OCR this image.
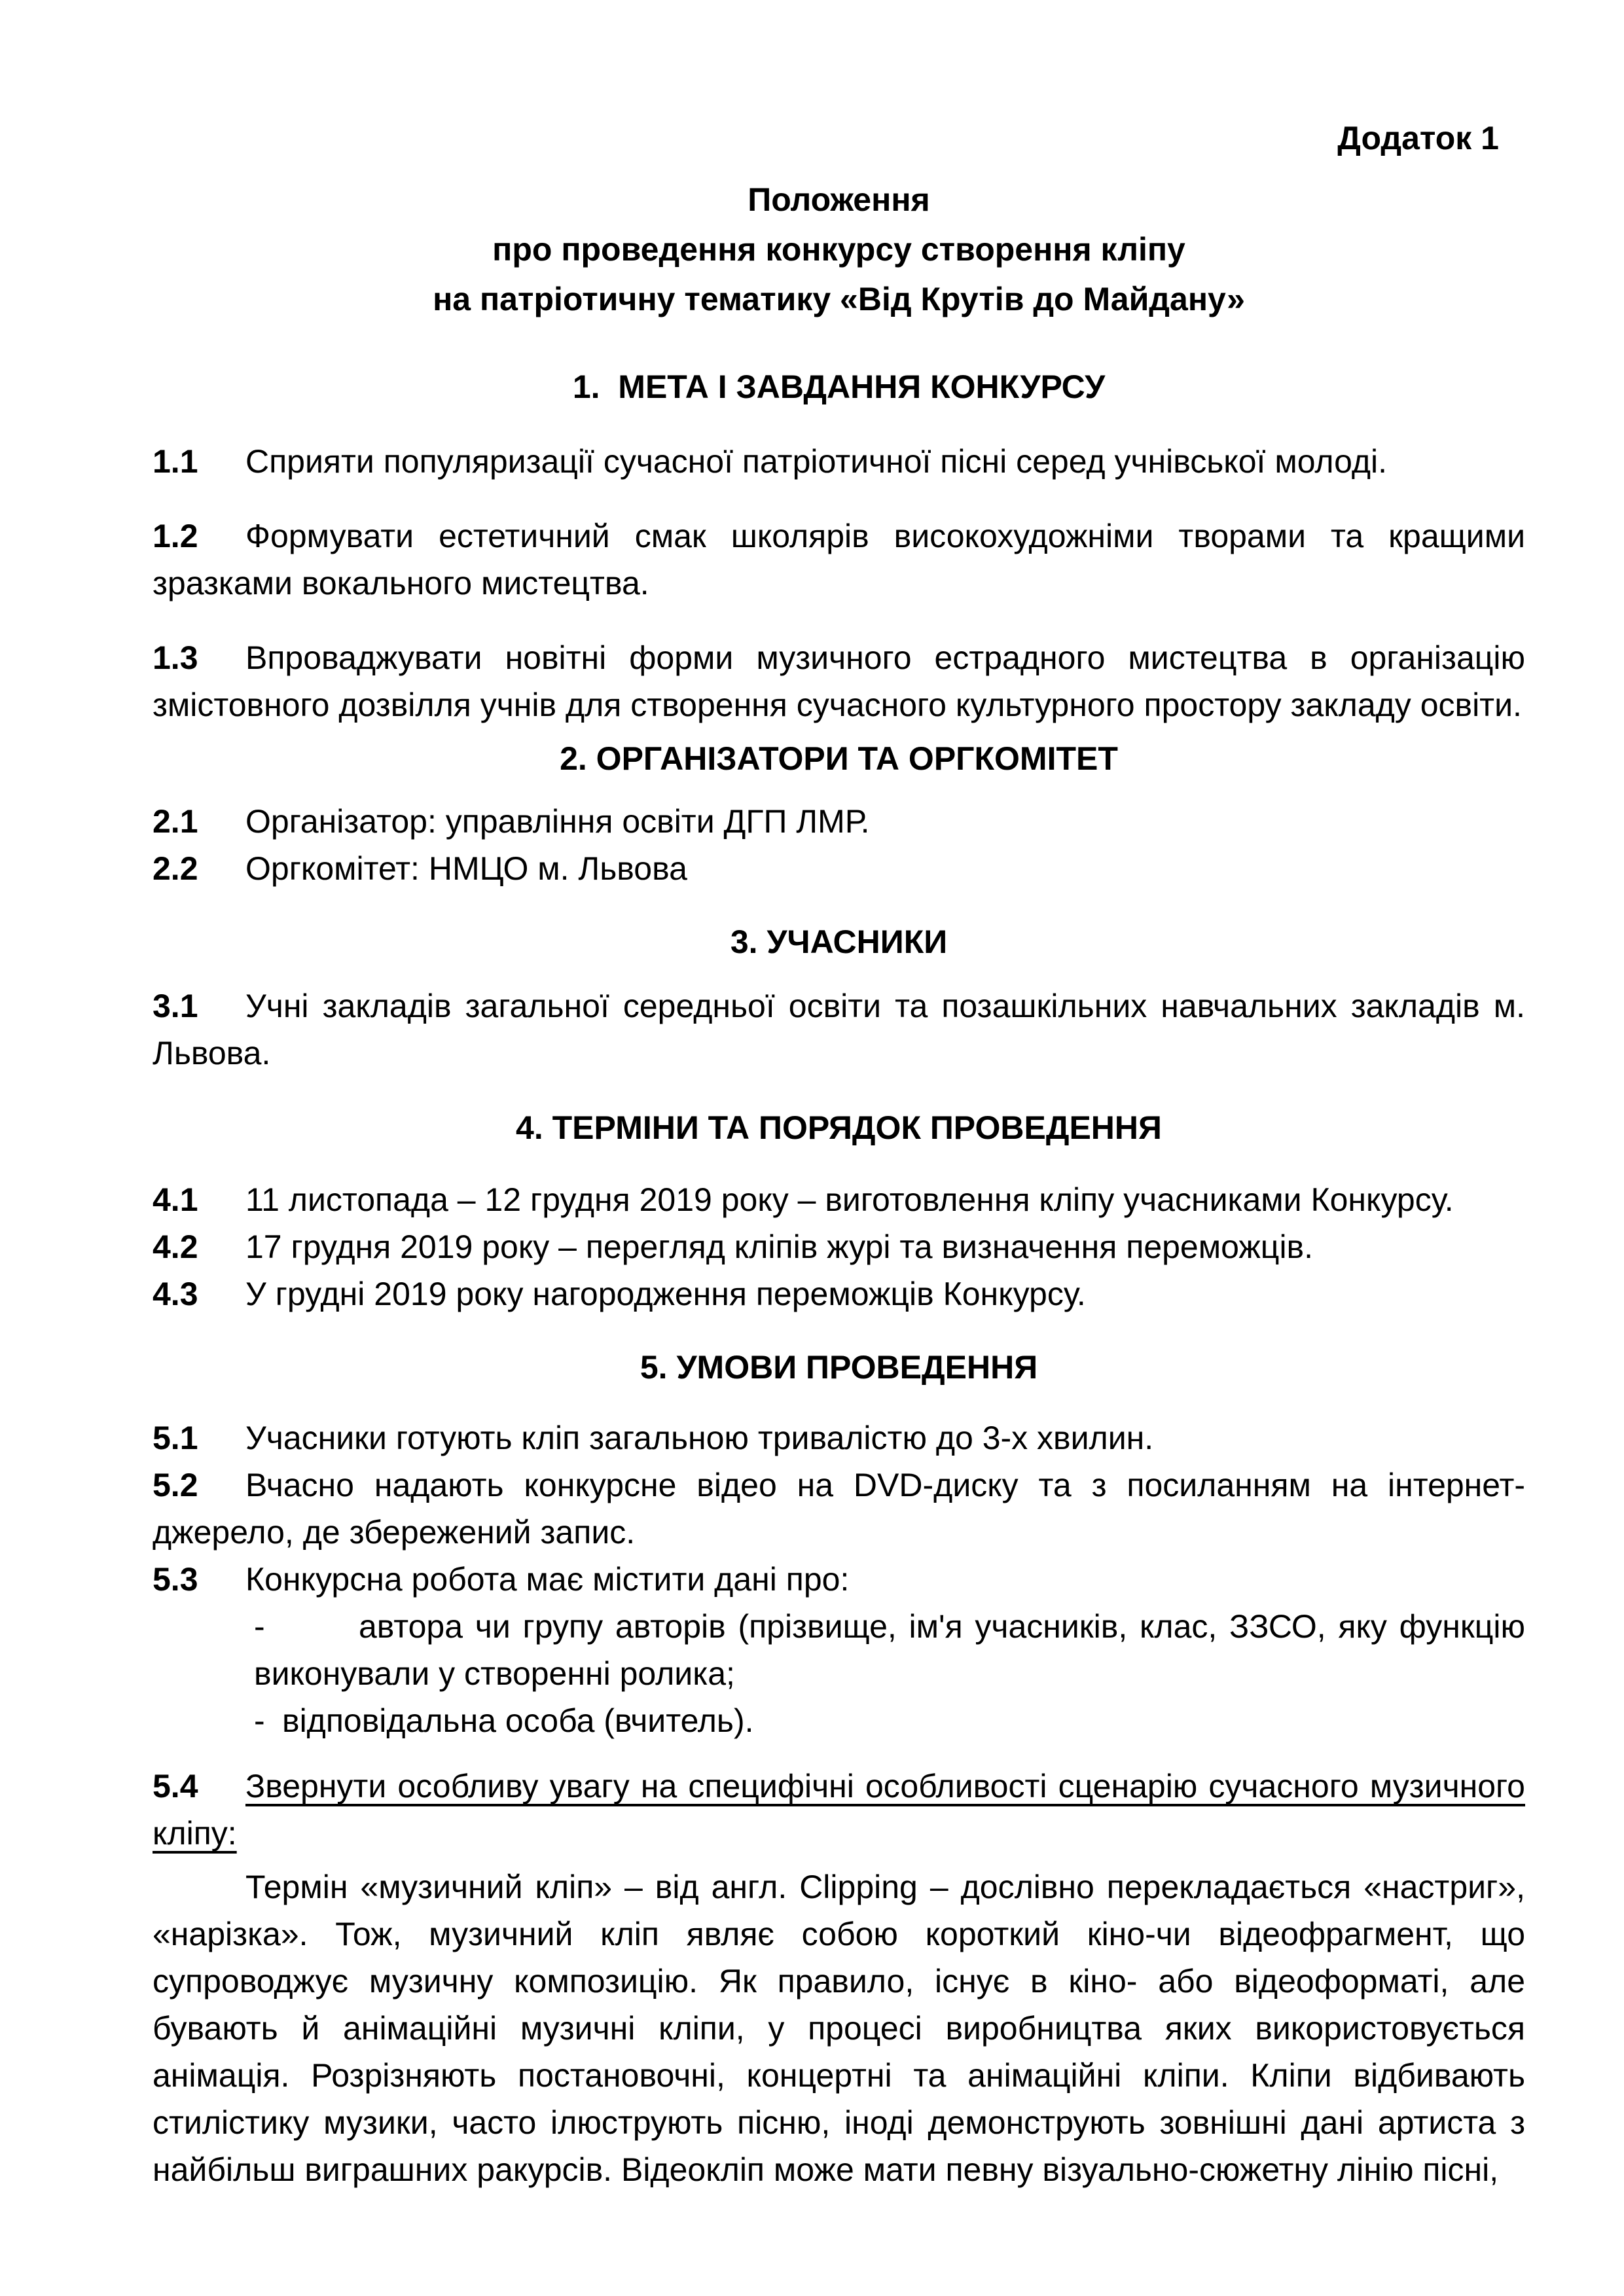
Додаток 1

Положення

про проведення конкурсу створення кліпу

на патріотичну тематику «Від Крутів до Майдану»

1.  МЕТА І ЗАВДАННЯ КОНКУРСУ

1.1 Сприяти популяризації сучасної патріотичної пісні серед учнівської молоді.

1.2 Формувати естетичний смак школярів високохудожніми творами та кращими зразками вокального мистецтва.

1.3 Впроваджувати новітні форми музичного естрадного мистецтва в організацію змістовного дозвілля учнів для створення сучасного культурного простору закладу освіти.

2. ОРГАНІЗАТОРИ ТА ОРГКОМІТЕТ

2.1 Організатор: управління освіти ДГП ЛМР.

2.2 Оргкомітет: НМЦО м. Львова

3. УЧАСНИКИ

3.1 Учні закладів загальної середньої освіти та позашкільних навчальних закладів м. Львова.

4. ТЕРМІНИ ТА ПОРЯДОК ПРОВЕДЕННЯ

4.1 11 листопада – 12 грудня 2019 року – виготовлення кліпу учасниками Конкурсу.

4.2 17 грудня 2019 року – перегляд кліпів журі та визначення переможців.

4.3 У грудні 2019 року нагородження переможців Конкурсу.

5. УМОВИ ПРОВЕДЕННЯ

5.1 Учасники готують кліп загальною тривалістю до 3-х хвилин.

5.2 Вчасно надають конкурсне відео на DVD-диску та з посиланням на інтернет-джерело, де збережений запис.

5.3 Конкурсна робота має містити дані про:

-	автора чи групу авторів (прізвище, ім'я учасників, клас, ЗЗСО, яку функцію виконували у створенні ролика;

- відповідальна особа (вчитель).

5.4 Звернути особливу увагу на специфічні особливості сценарію сучасного музичного кліпу:

Термін «музичний кліп» – від англ. Clipping – дослівно перекладається «настриг», «нарізка». Тож, музичний кліп являє собою короткий кіно-чи відеофрагмент, що супроводжує музичну композицію. Як правило, існує в кіно- або відеоформаті, але бувають й анімаційні музичні кліпи, у процесі виробництва яких використовується анімація. Розрізняють постановочні, концертні та анімаційні кліпи. Кліпи відбивають стилістику музики, часто ілюструють пісню, іноді демонструють зовнішні дані артиста з найбільш виграшних ракурсів. Відеокліп може мати певну візуально-сюжетну лінію пісні,
